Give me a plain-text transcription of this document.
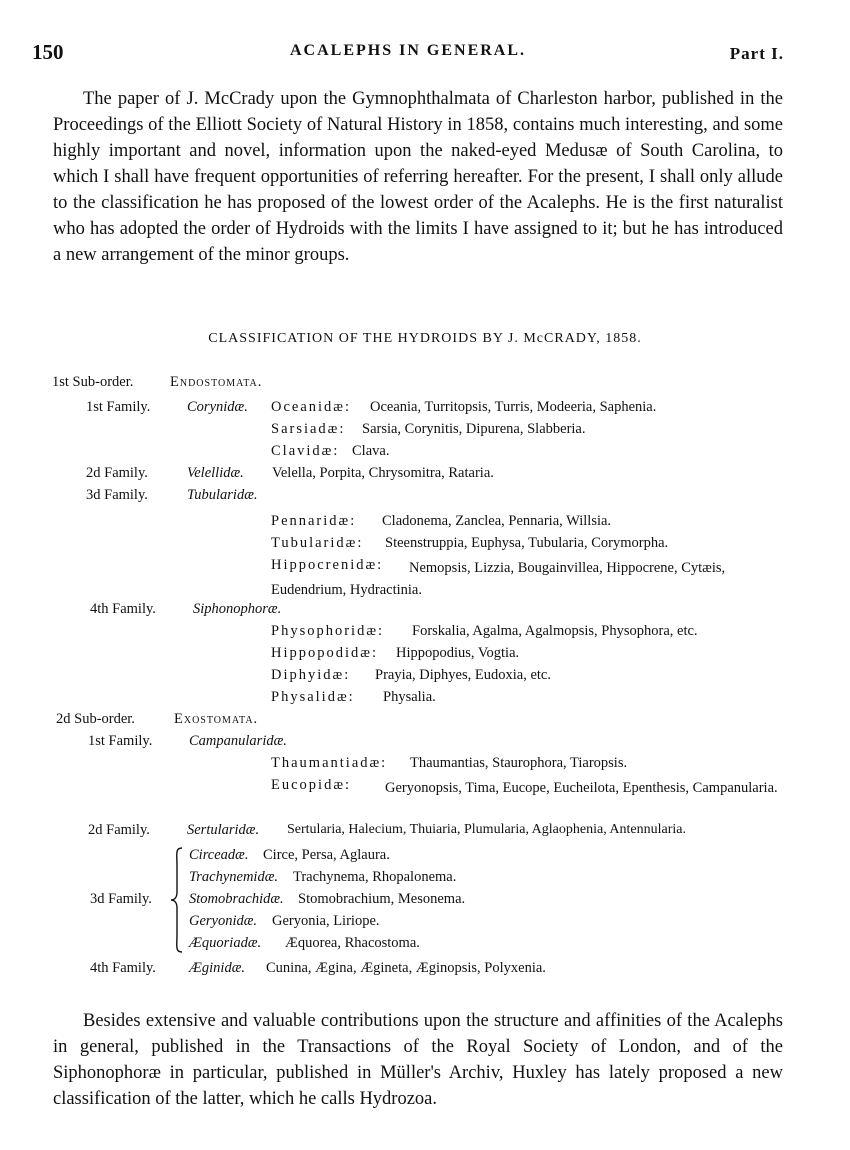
150	ACALEPHS IN GENERAL.	Part I.

The paper of J. McCrady upon the Gymnophthalmata of Charleston harbor, published in the Proceedings of the Elliott Society of Natural History in 1858, contains much interesting, and some highly important and novel, information upon the naked-eyed Medusæ of South Carolina, to which I shall have frequent opportunities of referring hereafter. For the present, I shall only allude to the classification he has proposed of the lowest order of the Acalephs. He is the first naturalist who has adopted the order of Hydroids with the limits I have assigned to it; but he has introduced a new arrangement of the minor groups.

CLASSIFICATION OF THE HYDROIDS BY J. McCRADY, 1858.
1st Sub-order.	Endostomata.
1st Family.	Corynidæ. Oceanidæ: Oceania, Turritopsis, Turris, Modeeria, Saphenia.
Sarsiadæ: Sarsia, Corynitis, Dipurena, Slabberia.
Clavidæ: Clava.
2d Family.	Velellidæ. Velella, Porpita, Chrysomitra, Rataria.
3d Family.	Tubularidæ.
Pennaridæ: Cladonema, Zanclea, Pennaria, Willsia.
Tubularidæ: Steenstruppia, Euphysa, Tubularia, Corymorpha.
Hippocrenidæ:	Nemopsis, Lizzia, Bougainvillea, Hippocrene, Cytæis, Eudendrium, Hydractinia.
4th Family.	Siphonophoræ.
Physophoridæ: Forskalia, Agalma, Agalmopsis, Physophora, etc.
Hippopodidæ: Hippopodius, Vogtia.
Diphyidæ: Prayia, Diphyes, Eudoxia, etc.
Physalidæ: Physalia.
2d Sub-order.	Exostomata.
1st Family.	Campanularidæ.
Thaumantiadæ: Thaumantias, Staurophora, Tiaropsis.
Eucopidæ:	Geryonopsis, Tima, Eucope, Eucheilota, Epenthesis, Campanularia.
2d Family.	Sertularidæ. Sertularia, Halecium, Thuiaria, Plumularia, Aglaophenia, Antennularia.
3d Family.
Circeadæ. Circe, Persa, Aglaura.
Trachynemidæ. Trachynema, Rhopalonema.
Stomobrachidæ. Stomobrachium, Mesonema.
Geryonidæ. Geryonia, Liriope.
Æquoriadæ. Æquorea, Rhacostoma.
4th Family. Æginidæ. Cunina, Ægina, Ægineta, Æginopsis, Polyxenia.

Besides extensive and valuable contributions upon the structure and affinities of the Acalephs in general, published in the Transactions of the Royal Society of London, and of the Siphonophoræ in particular, published in Müller's Archiv, Huxley has lately proposed a new classification of the latter, which he calls Hydrozoa.
